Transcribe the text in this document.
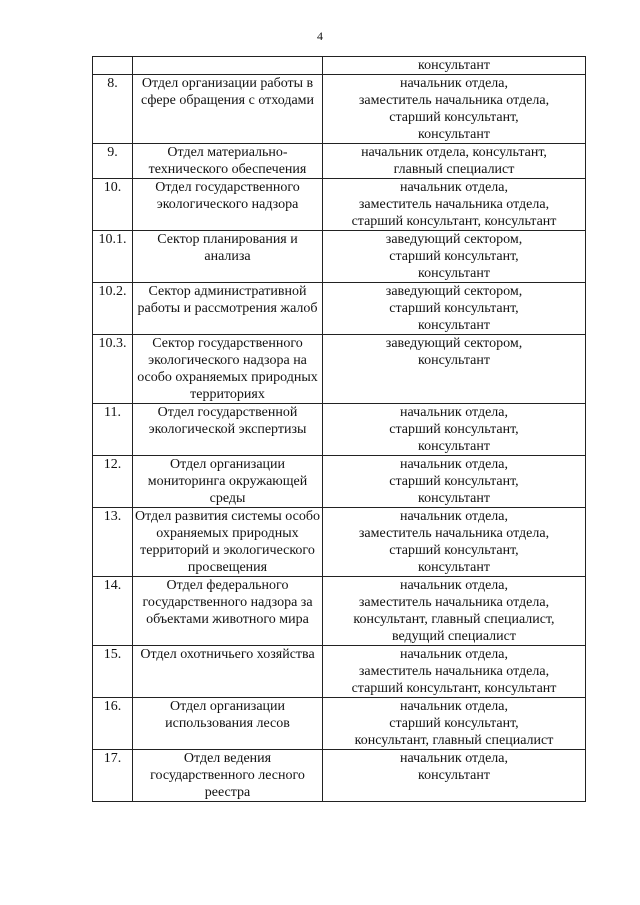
4

		консультант

8.	Отдел организации работы в сфере обращения с отходами	начальник отдела,
заместитель начальника отдела,
старший консультант,
консультант

9.	Отдел материально-технического обеспечения	начальник отдела, консультант,
главный специалист

10.	Отдел государственного экологического надзора	начальник отдела,
заместитель начальника отдела,
старший консультант, консультант

10.1.	Сектор планирования и анализа	заведующий сектором,
старший консультант,
консультант

10.2.	Сектор административной работы и рассмотрения жалоб	заведующий сектором,
старший консультант,
консультант

10.3.	Сектор государственного экологического надзора на особо охраняемых природных территориях	заведующий сектором,
консультант

11.	Отдел государственной экологической экспертизы	начальник отдела,
старший консультант,
консультант

12.	Отдел организации мониторинга окружающей среды	начальник отдела,
старший консультант,
консультант

13.	Отдел развития системы особо охраняемых природных территорий и экологического просвещения	начальник отдела,
заместитель начальника отдела,
старший консультант,
консультант

14.	Отдел федерального государственного надзора за объектами животного мира	начальник отдела,
заместитель начальника отдела,
консультант, главный специалист,
ведущий специалист

15.	Отдел охотничьего хозяйства	начальник отдела,
заместитель начальника отдела,
старший консультант, консультант

16.	Отдел организации использования лесов	начальник отдела,
старший консультант,
консультант, главный специалист

17.	Отдел ведения государственного лесного реестра	начальник отдела,
консультант
